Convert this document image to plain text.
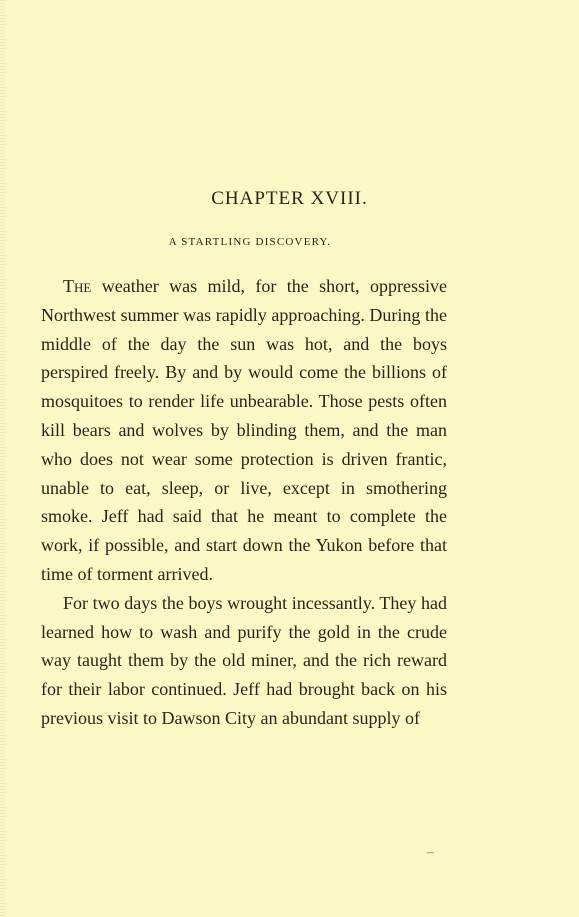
CHAPTER XVIII.
A STARTLING DISCOVERY.

The weather was mild, for the short, oppressive Northwest summer was rapidly approaching. During the middle of the day the sun was hot, and the boys perspired freely. By and by would come the billions of mosquitoes to render life unbearable. Those pests often kill bears and wolves by blinding them, and the man who does not wear some protection is driven frantic, unable to eat, sleep, or live, except in smothering smoke. Jeff had said that he meant to complete the work, if possible, and start down the Yukon before that time of torment arrived.

For two days the boys wrought incessantly. They had learned how to wash and purify the gold in the crude way taught them by the old miner, and the rich reward for their labor continued. Jeff had brought back on his previous visit to Dawson City an abundant supply of

–
